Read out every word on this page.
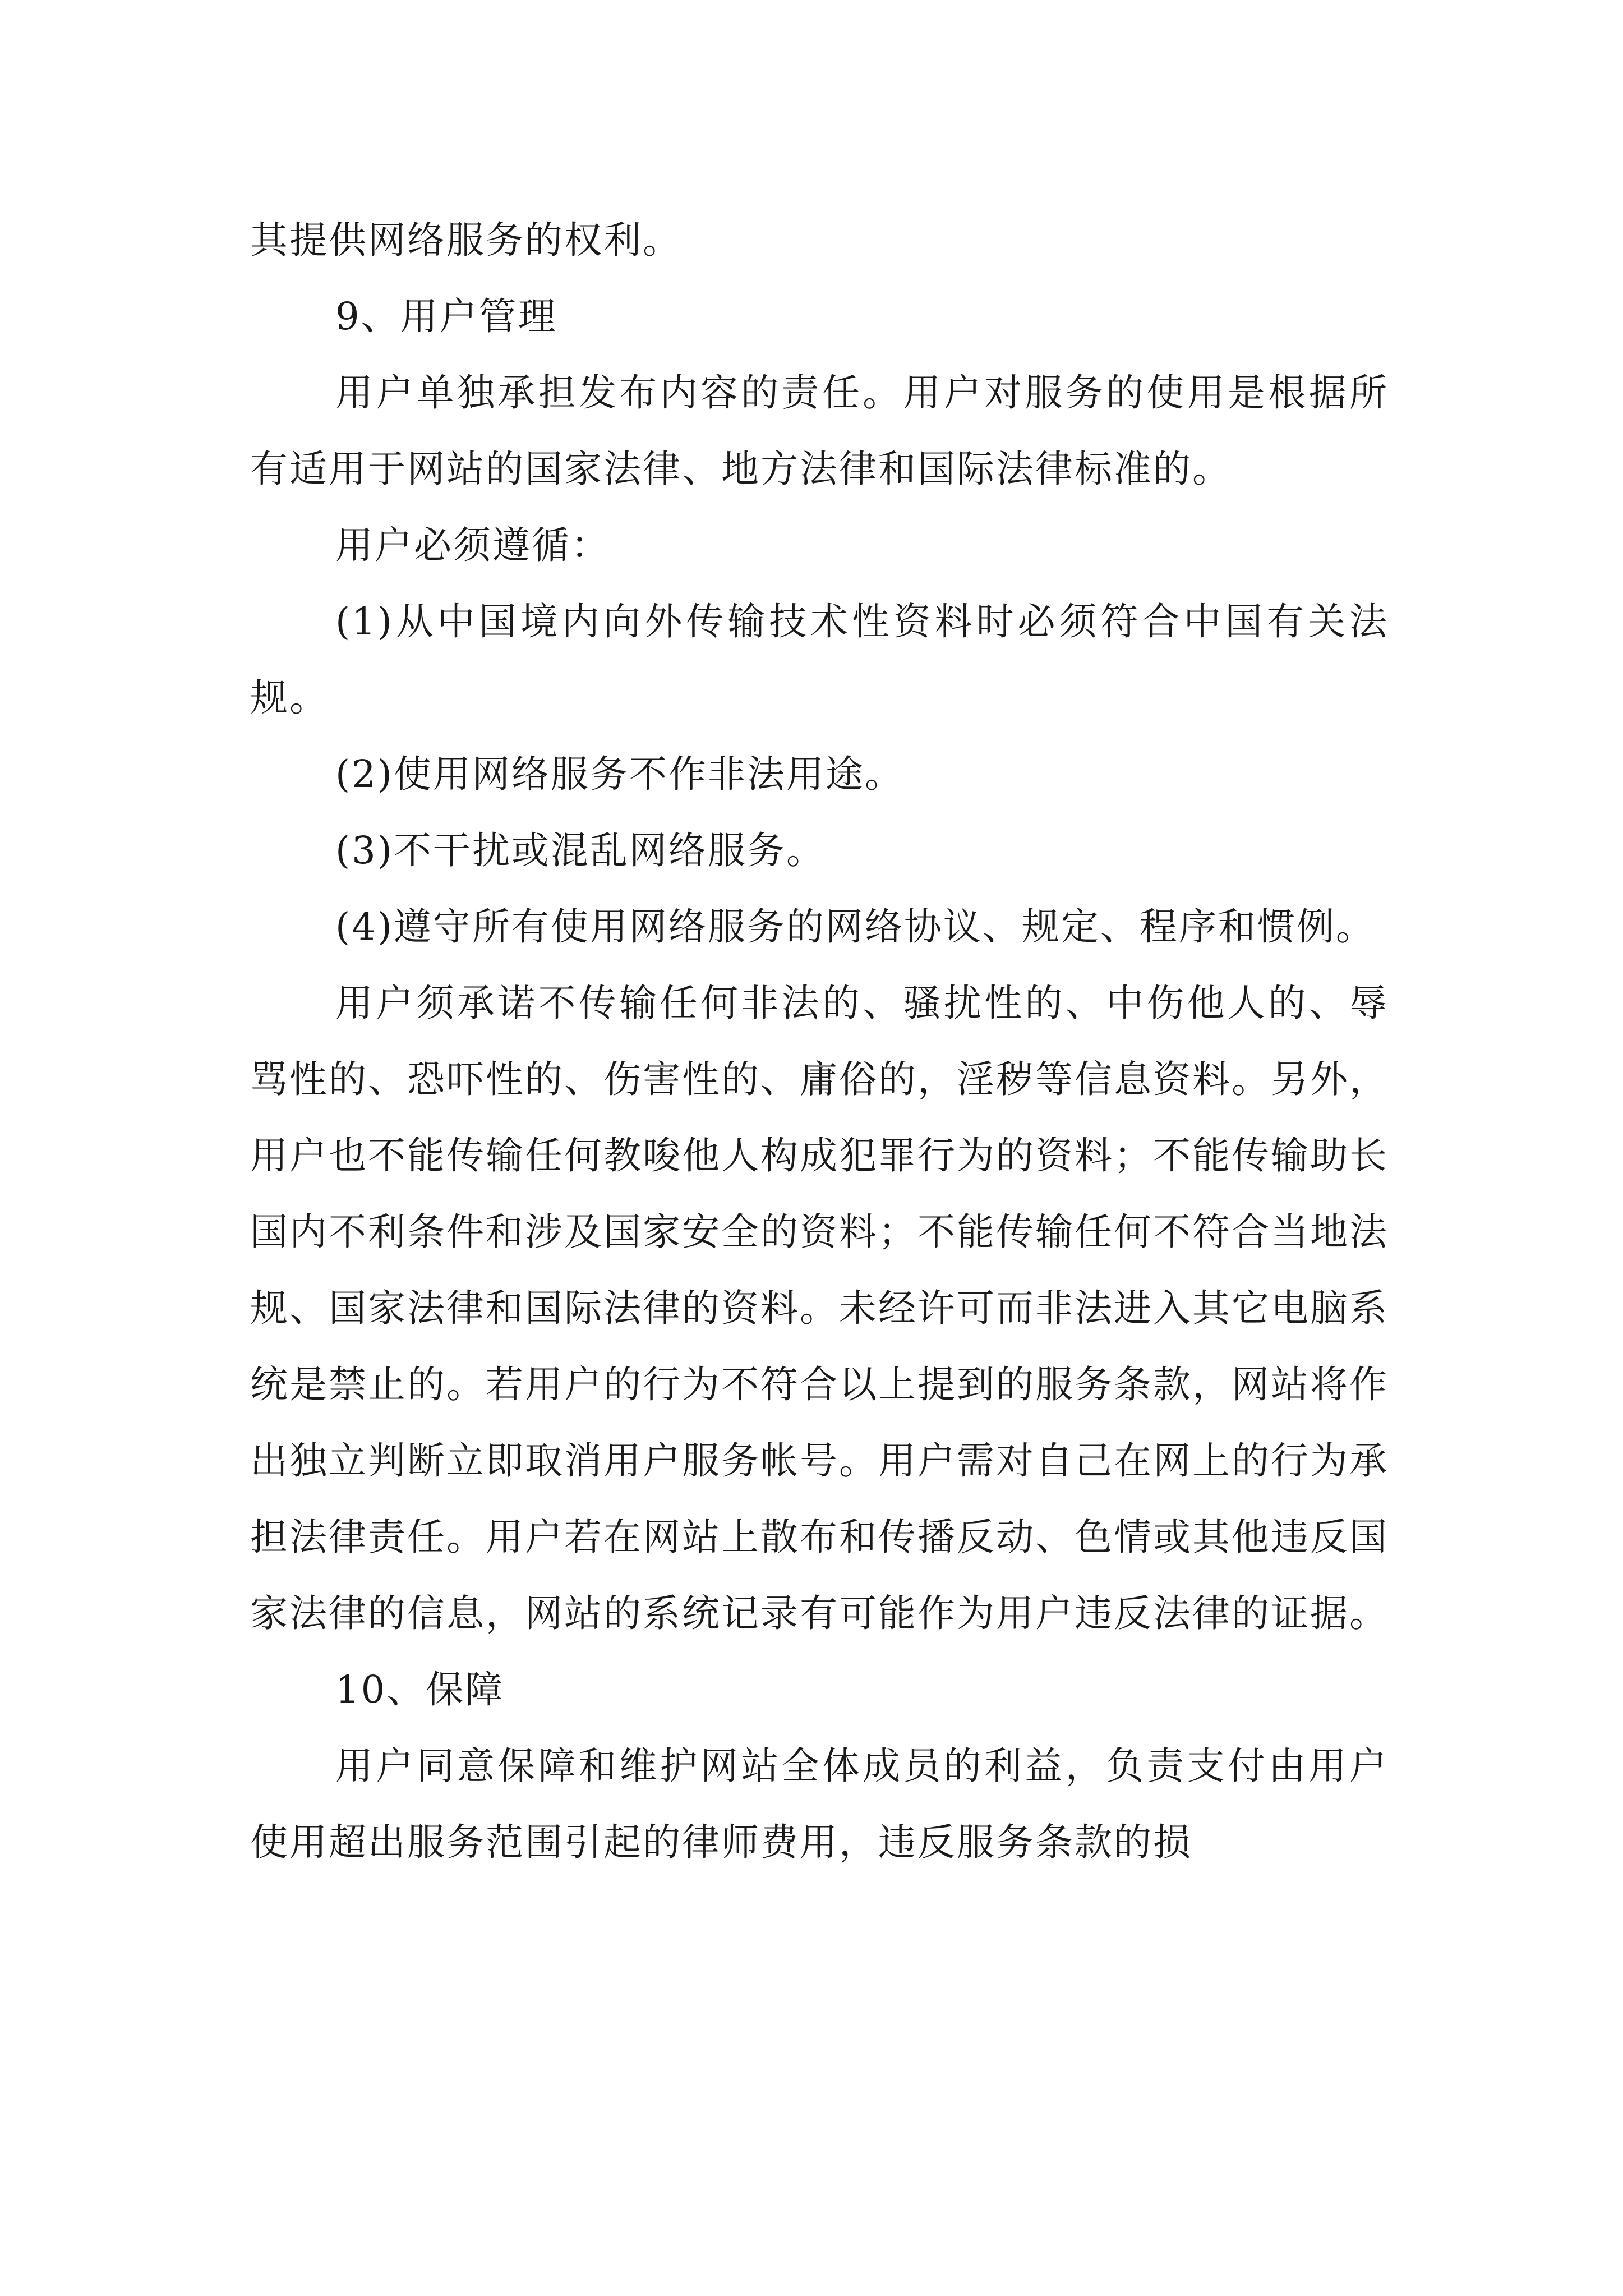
其提供网络服务的权利。

9、用户管理

用户单独承担发布内容的责任。用户对服务的使用是根据所有适用于网站的国家法律、地方法律和国际法律标准的。

用户必须遵循：

(1)从中国境内向外传输技术性资料时必须符合中国有关法规。

(2)使用网络服务不作非法用途。

(3)不干扰或混乱网络服务。

(4)遵守所有使用网络服务的网络协议、规定、程序和惯例。

用户须承诺不传输任何非法的、骚扰性的、中伤他人的、辱骂性的、恐吓性的、伤害性的、庸俗的，淫秽等信息资料。另外，用户也不能传输任何教唆他人构成犯罪行为的资料；不能传输助长国内不利条件和涉及国家安全的资料；不能传输任何不符合当地法规、国家法律和国际法律的资料。未经许可而非法进入其它电脑系统是禁止的。若用户的行为不符合以上提到的服务条款，网站将作出独立判断立即取消用户服务帐号。用户需对自己在网上的行为承担法律责任。用户若在网站上散布和传播反动、色情或其他违反国家法律的信息，网站的系统记录有可能作为用户违反法律的证据。

10、保障

用户同意保障和维护网站全体成员的利益，负责支付由用户使用超出服务范围引起的律师费用，违反服务条款的损
